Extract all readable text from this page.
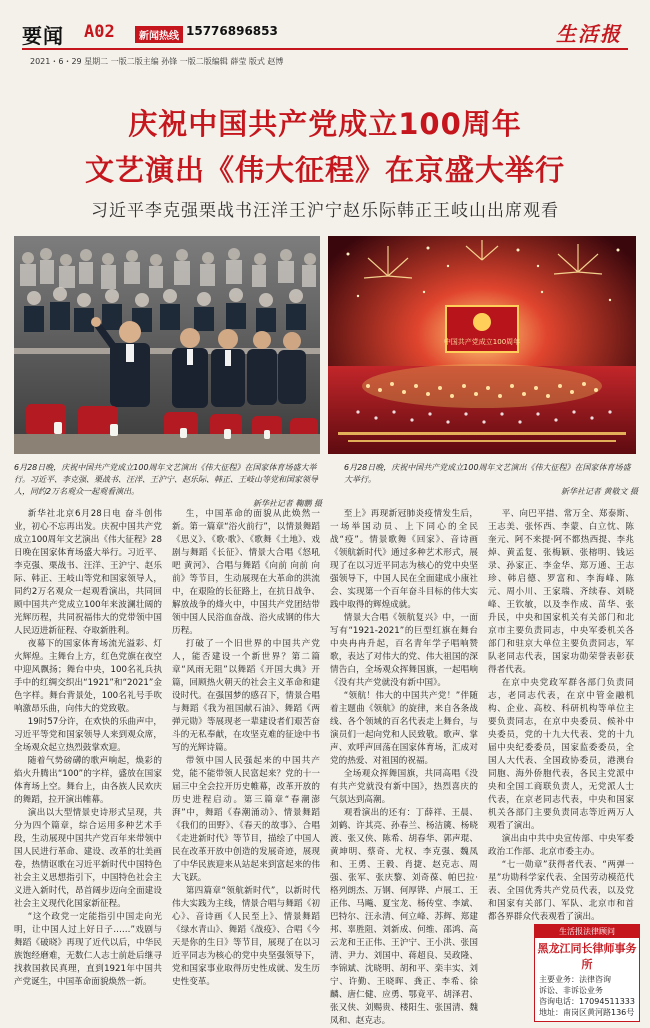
要闻 A02	新闻热线 15776896853	生活报
2021・6・29 星期二 一版二版主编 孙锋 一版二版编辑 薛莹 版式 赵博
庆祝中国共产党成立100周年
文艺演出《伟大征程》在京盛大举行
习近平李克强栗战书汪洋王沪宁赵乐际韩正王岐山出席观看
中国共产党成立100周年
6月28日晚，庆祝中国共产党成立100周年文艺演出《伟大征程》在国家体育场盛大举行。习近平、李克强、栗战书、汪洋、王沪宁、赵乐际、韩正、王岐山等党和国家领导人，同约2万名观众一起观看演出。
新华社记者 鞠鹏 摄
6月28日晚，庆祝中国共产党成立100周年文艺演出《伟大征程》在国家体育场盛大举行。
新华社记者 黄敬文 摄

新华社北京6月28日电 奋斗创伟业，初心不忘再出发。庆祝中国共产党成立100周年文艺演出《伟大征程》28日晚在国家体育场盛大举行。习近平、李克强、栗战书、汪洋、王沪宁、赵乐际、韩正、王岐山等党和国家领导人，同约2万名观众一起观看演出，共同回顾中国共产党成立100年来波澜壮阔的光辉历程，共同祝福伟大的党带领中国人民迈进新征程、夺取新胜利。

夜幕下的国家体育场流光溢彩、灯火辉煌。主舞台上方，红色党旗在夜空中迎风飘扬；舞台中央，100名礼兵执手中的红绸交织出“1921”和“2021”金色字样。舞台背景处，100名礼号手吹响激昂乐曲，向伟大的党致敬。

19时57分许，在欢快的乐曲声中，习近平等党和国家领导人来到观众席，全场观众起立热烈鼓掌欢迎。

随着气势磅礴的歌声响起，焕彩的焰火升腾出“100”的字样，盛放在国家体育场上空。舞台上，由各族人民欢庆的舞蹈，拉开演出帷幕。

演出以大型情景史诗形式呈现，共分为四个篇章，综合运用多种艺术手段，生动展现中国共产党百年来带领中国人民进行革命、建设、改革的壮美画卷，热情讴歌在习近平新时代中国特色社会主义思想指引下，中国特色社会主义进入新时代，昂首阔步迈向全面建设社会主义现代化国家新征程。

“这个政党一定能指引中国走向光明，让中国人过上好日子……”戏剧与舞蹈《破晓》再现了近代以后，中华民族饱经磨难，无数仁人志士前赴后继寻找救国救民真理，直到1921年中国共产党诞生，中国革命面貌焕然一新。

生，中国革命的面貌从此焕然一新。第一篇章“浴火前行”，以情景舞蹈《思义》、《歌·歌》、《歌舞《土地》、戏剧与舞蹈《长征》、情景大合唱《怒吼吧 黄河》、合唱与舞蹈《向前 向前 向前》等节目，生动展现在大革命的洪流中，在艰险的长征路上，在抗日战争、解放战争的烽火中，中国共产党团结带领中国人民浴血奋战、浴火成钢的伟大历程。

打破了一个旧世界的中国共产党人，能否建设一个新世界？第二篇章“风雨无阻”以舞蹈《开国大典》开篇，回顾热火朝天的社会主义革命和建设时代。在强国梦的感召下，情景合唱与舞蹈《我为祖国献石油》、舞蹈《两弹元勋》等展现老一辈建设者们艰苦奋斗的无私奉献，在攻坚克难的征途中书写的光辉诗篇。

带领中国人民强起来的中国共产党，能不能带领人民富起来？党的十一届三中全会拉开历史帷幕，改革开放的历史进程启动。第三篇章“春潮澎湃”中，舞蹈《春潮涌动》、情景舞蹈《我们的田野》、《春天的故事》、合唱《走进新时代》等节目，描绘了中国人民在改革开放中创造的发展奇迹，展现了中华民族迎来从站起来到富起来的伟大飞跃。

第四篇章“领航新时代”，以新时代伟大实践为主线，情景合唱与舞蹈《初心》、音诗画《人民至上》、情景舞蹈《绿水青山》、舞蹈《战疫》、合唱《今天是你的生日》等节目，展现了在以习近平同志为核心的党中央坚强领导下，党和国家事业取得历史性成就、发生历史性变革。

至上》再现新冠肺炎疫情发生后，一场举国动员、上下同心的全民战“疫”。情景歌舞《回家》、音诗画《领航新时代》通过多种艺术形式，展现了在以习近平同志为核心的党中央坚强领导下，中国人民在全面建成小康社会、实现第一个百年奋斗目标的伟大实践中取得的辉煌成就。

情景大合唱《领航复兴》中，一面写有“1921-2021”的巨型红旗在舞台中央冉冉升起，百名青年学子唱响赞歌，表达了对伟大的党、伟大祖国的深情告白，全场观众挥舞国旗，一起唱响《没有共产党就没有新中国》。

“领航！伟大的中国共产党！”伴随着主题曲《领航》的旋律，来自各条战线、各个领域的百名代表走上舞台，与演员们一起向党和人民致敬。歌声、掌声、欢呼声回荡在国家体育场，汇成对党的热爱、对祖国的祝福。

全场观众挥舞国旗，共同高唱《没有共产党就没有新中国》，热烈喜庆的气氛达到高潮。

观看演出的还有：丁薛祥、王晨、刘鹤、许其亮、孙春兰、杨洁篪、杨晓渡、张又侠、陈希、胡春华、郭声琨、黄坤明、蔡奇、尤权、李克强、魏凤和、王勇、王毅、肖捷、赵克志、周强、张军、张庆黎、刘奇葆、帕巴拉·格列朗杰、万钢、何厚铧、卢展工、王正伟、马飚、夏宝龙、杨传堂、李斌、巴特尔、汪永清、何立峰、苏辉、郑建邦、辜胜阻、刘新成、何维、邵鸿、高云龙和王正伟、王沪宁、王小洪、张国清、尹力、刘国中、蒋超良、吴政隆、李锦斌、沈晓明、胡和平、栾丰实、刘宁、许勤、王晓晖、龚正、李希、徐麟、唐仁健、应勇、鄂竟平、胡泽君、张又侠、刘赐贵、楼阳生、张国清、魏凤和、赵克志。

平、向巴平措、常万全、郑泰斯、王志美、张怀西、李蒙、白立忱、陈奎元、阿不来提·阿不都热西提、李兆焯、黄孟复、张梅颖、张榕明、钱运录、孙家正、李金华、郑万通、王志珍、韩启德、罗富和、李海峰、陈元、周小川、王家瑞、齐续春、刘晓峰、王钦敏，以及李作成、苗华、张升民，中央和国家机关有关部门和北京市主要负责同志，中央军委机关各部门和驻京大单位主要负责同志，军队老同志代表，国家功勋荣誉表彰获得者代表。

在京中央党政军群各部门负责同志，老同志代表，在京中管金融机构、企业、高校、科研机构等单位主要负责同志，在京中央委员、候补中央委员，党的十九大代表、党的十九届中央纪委委员，国家监委委员，全国人大代表、全国政协委员，港澳台同胞、海外侨胞代表，各民主党派中央和全国工商联负责人，无党派人士代表，在京老同志代表，中央和国家机关各部门主要负责同志等近两万人观看了演出。

演出由中共中央宣传部、中央军委政治工作部、北京市委主办。

“七一勋章”获得者代表、“两弹一星”功勋科学家代表、全国劳动模范代表、全国优秀共产党员代表，以及党和国家有关部门、军队、北京市和首都各界群众代表观看了演出。

生活报法律顾问
黑龙江同长律师事务所
主要业务：法律咨询
诉讼、非诉讼业务
咨询电话：17094511333
地址：南岗区黄河路136号
